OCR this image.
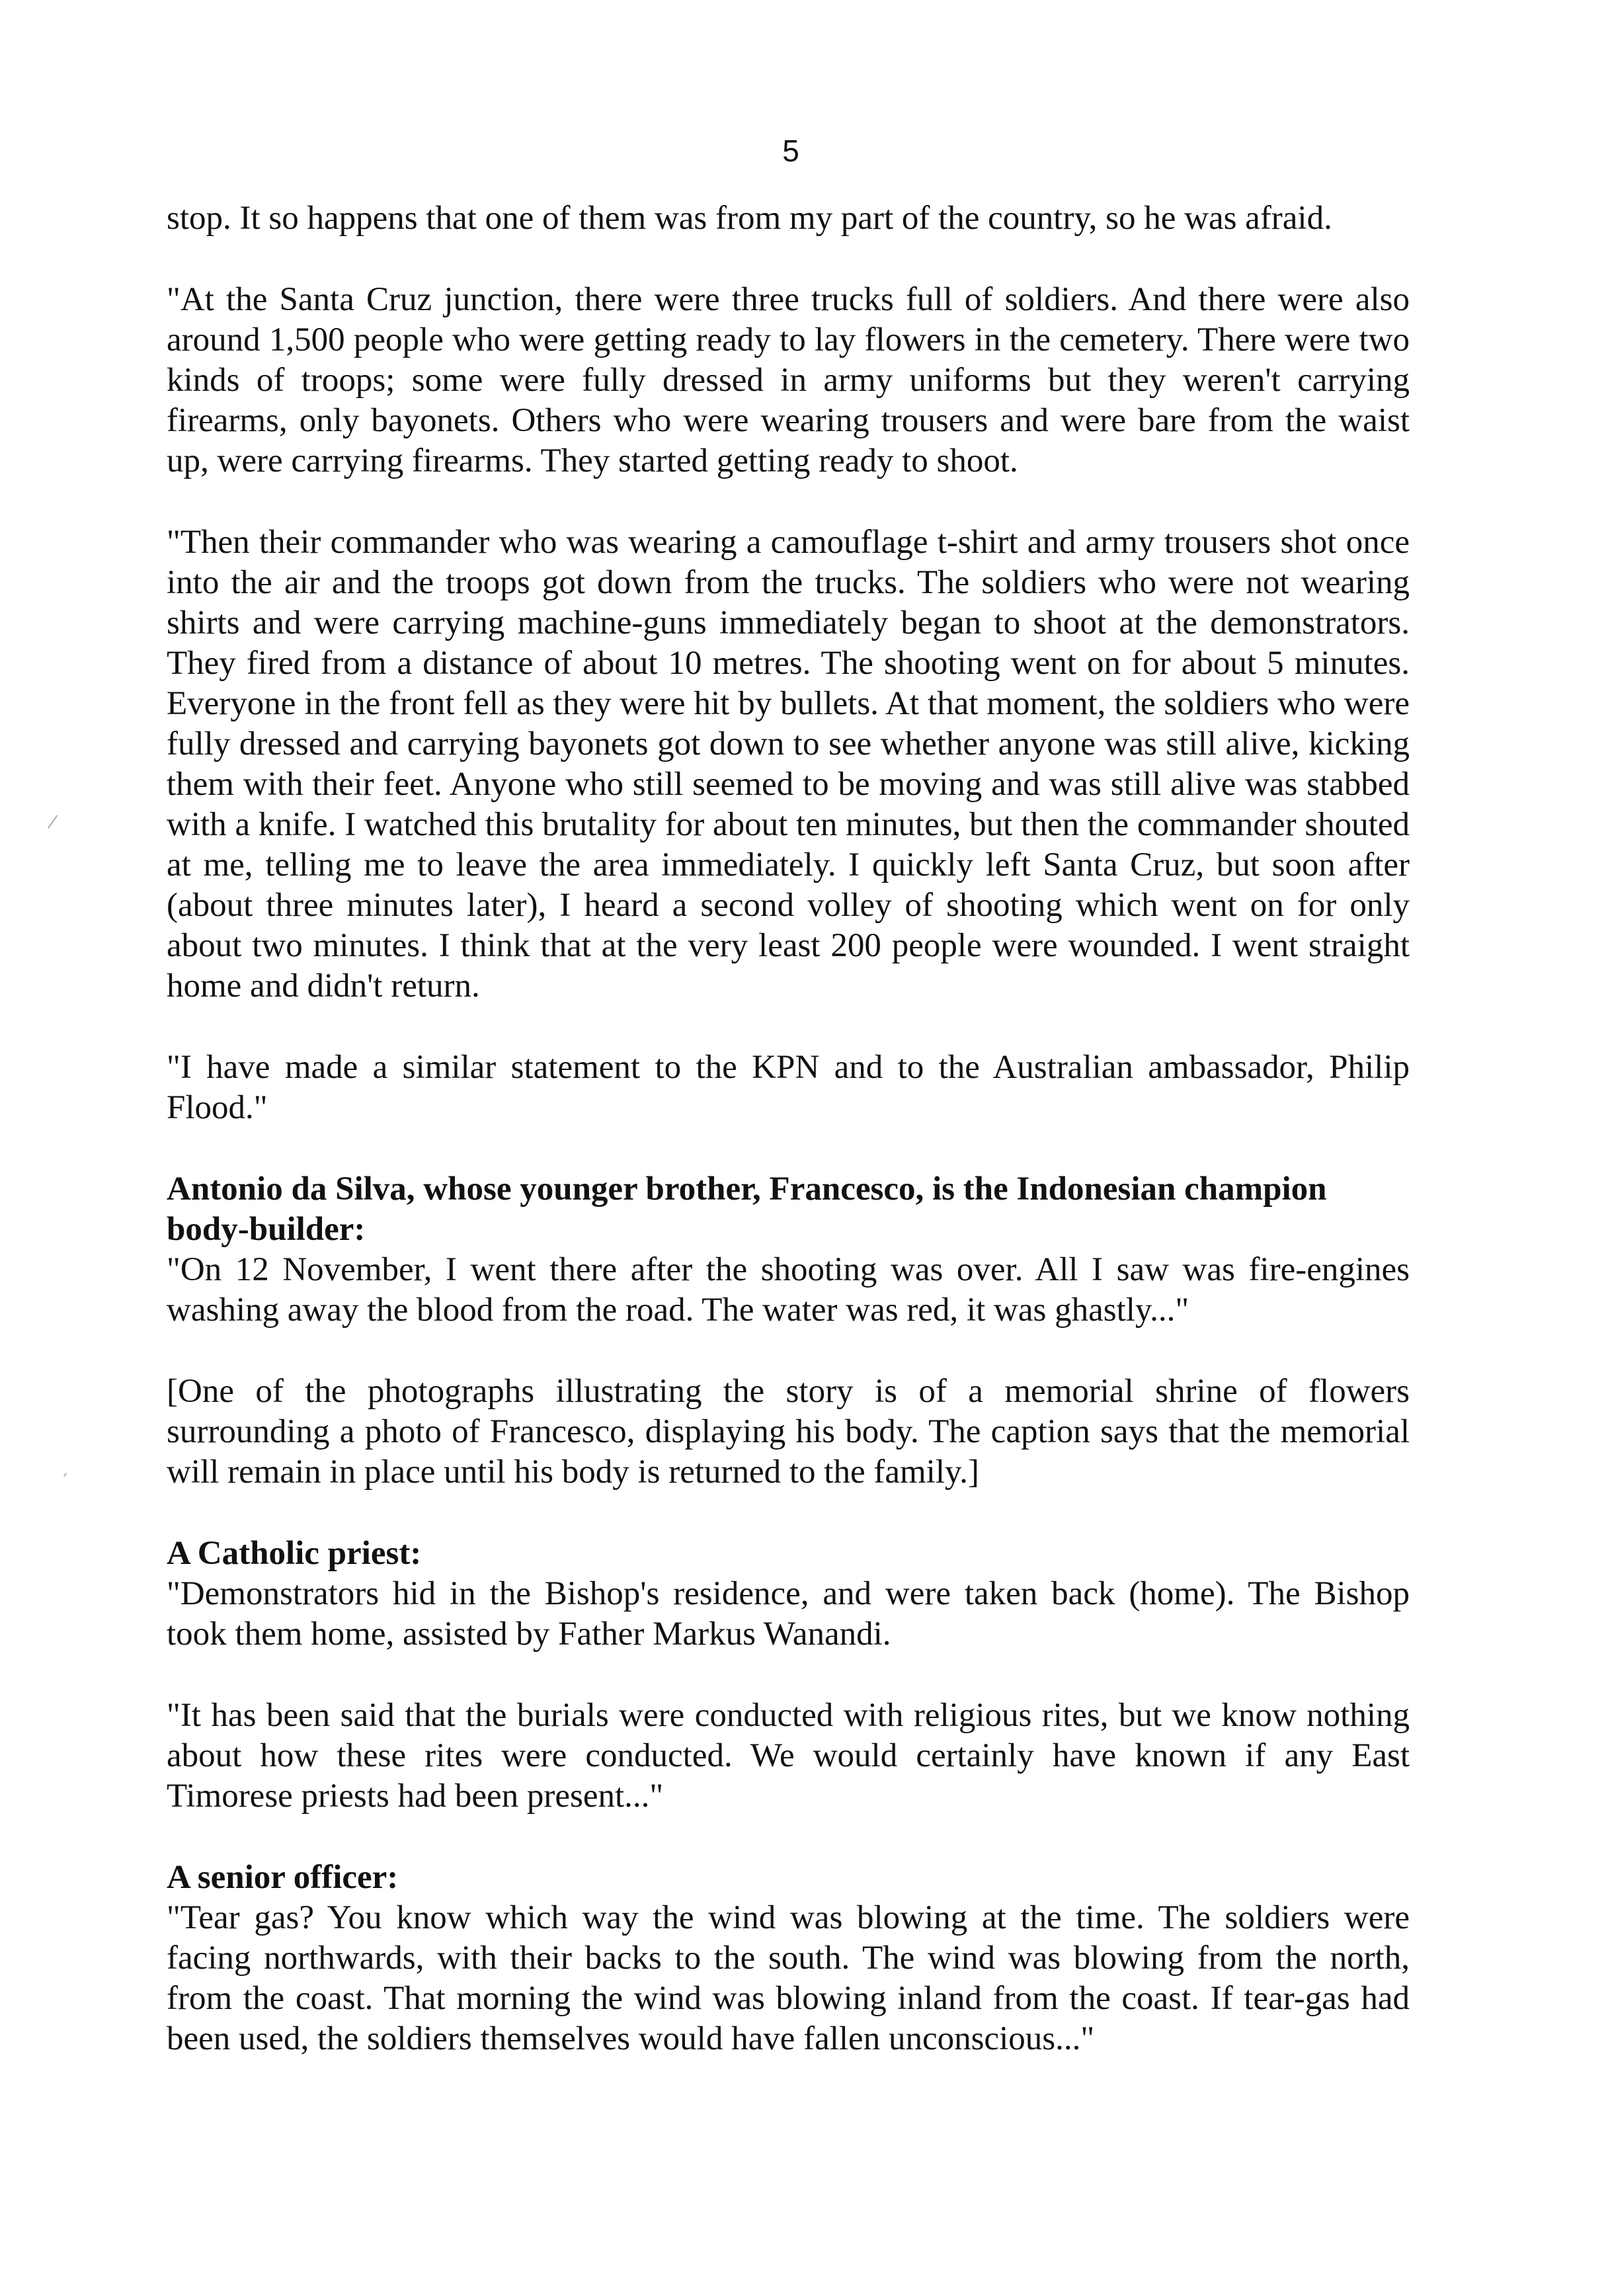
5

stop. It so happens that one of them was from my part of the country, so he was afraid.

"At the Santa Cruz junction, there were three trucks full of soldiers. And there were also around 1,500 people who were getting ready to lay flowers in the cemetery. There were two kinds of troops; some were fully dressed in army uniforms but they weren't carrying firearms, only bayonets. Others who were wearing trousers and were bare from the waist up, were carrying firearms. They started getting ready to shoot.

"Then their commander who was wearing a camouflage t-shirt and army trousers shot once into the air and the troops got down from the trucks. The soldiers who were not wearing shirts and were carrying machine-guns immediately began to shoot at the demonstrators. They fired from a distance of about 10 metres. The shooting went on for about 5 minutes. Everyone in the front fell as they were hit by bullets. At that moment, the soldiers who were fully dressed and carrying bayonets got down to see whether anyone was still alive, kicking them with their feet. Anyone who still seemed to be moving and was still alive was stabbed with a knife. I watched this brutality for about ten minutes, but then the commander shouted at me, telling me to leave the area immediately. I quickly left Santa Cruz, but soon after (about three minutes later), I heard a second volley of shooting which went on for only about two minutes. I think that at the very least 200 people were wounded. I went straight home and didn't return.

"I have made a similar statement to the KPN and to the Australian ambassador, Philip Flood."

Antonio da Silva, whose younger brother, Francesco, is the Indonesian champion body-builder:

"On 12 November, I went there after the shooting was over. All I saw was fire-engines washing away the blood from the road. The water was red, it was ghastly..."

[One of the photographs illustrating the story is of a memorial shrine of flowers surrounding a photo of Francesco, displaying his body. The caption says that the memorial will remain in place until his body is returned to the family.]

A Catholic priest:

"Demonstrators hid in the Bishop's residence, and were taken back (home). The Bishop took them home, assisted by Father Markus Wanandi.

"It has been said that the burials were conducted with religious rites, but we know nothing about how these rites were conducted. We would certainly have known if any East Timorese priests had been present..."

A senior officer:

"Tear gas? You know which way the wind was blowing at the time. The soldiers were facing northwards, with their backs to the south. The wind was blowing from the north, from the coast. That morning the wind was blowing inland from the coast. If tear-gas had been used, the soldiers themselves would have fallen unconscious..."
